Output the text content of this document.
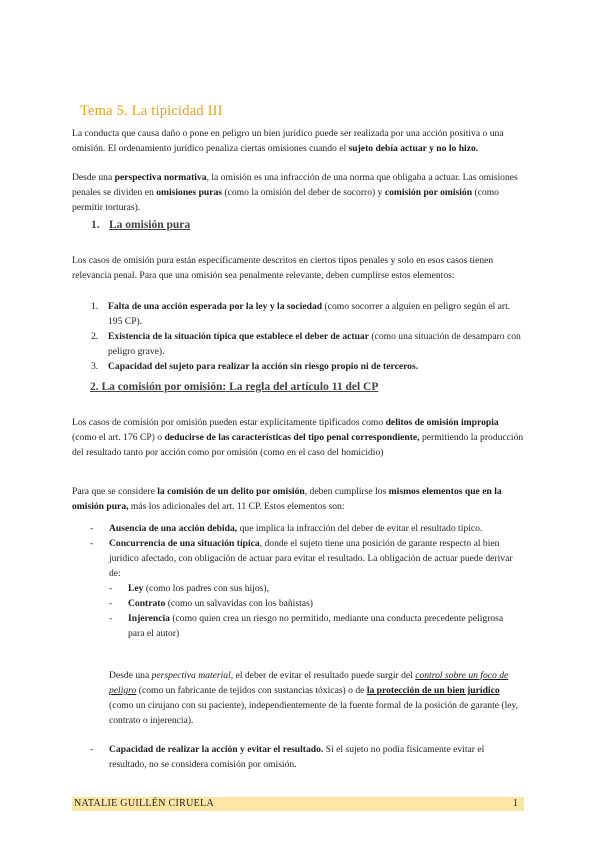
Tema 5. La tipicidad III

La conducta que causa daño o pone en peligro un bien jurídico puede ser realizada por una acción positiva o una omisión. El ordenamiento jurídico penaliza ciertas omisiones cuando el sujeto debía actuar y no lo hizo.

Desde una perspectiva normativa, la omisión es una infracción de una norma que obligaba a actuar. Las omisiones penales se dividen en omisiones puras (como la omisión del deber de socorro) y comisión por omisión (como permitir torturas).

1. La omisión pura

Los casos de omisión pura están específicamente descritos en ciertos tipos penales y solo en esos casos tienen relevancia penal. Para que una omisión sea penalmente relevante, deben cumplirse estos elementos:

1. Falta de una acción esperada por la ley y la sociedad (como socorrer a alguien en peligro según el art. 195 CP).
2. Existencia de la situación típica que establece el deber de actuar (como una situación de desamparo con peligro grave).
3. Capacidad del sujeto para realizar la acción sin riesgo propio ni de terceros.
2. La comisión por omisión: La regla del artículo 11 del CP

Los casos de comisión por omisión pueden estar explícitamente tipificados como delitos de omisión impropia (como el art. 176 CP) o deducirse de las características del tipo penal correspondiente, permitiendo la producción del resultado tanto por acción como por omisión (como en el caso del homicidio)

Para que se considere la comisión de un delito por omisión, deben cumplirse los mismos elementos que en la omisión pura, más los adicionales del art. 11 CP. Estos elementos son:

- Ausencia de una acción debida, que implica la infracción del deber de evitar el resultado típico.
- Concurrencia de una situación típica, donde el sujeto tiene una posición de garante respecto al bien jurídico afectado, con obligación de actuar para evitar el resultado. La obligación de actuar puede derivar de:
- Ley (como los padres con sus hijos),
- Contrato (como un salvavidas con los bañistas)
- Injerencia (como quien crea un riesgo no permitido, mediante una conducta precedente peligrosa para el autor)

Desde una perspectiva material, el deber de evitar el resultado puede surgir del control sobre un foco de peligro (como un fabricante de tejidos con sustancias tóxicas) o de la protección de un bien jurídico (como un cirujano con su paciente), independientemente de la fuente formal de la posición de garante (ley, contrato o injerencia).

- Capacidad de realizar la acción y evitar el resultado. Si el sujeto no podía físicamente evitar el resultado, no se considera comisión por omisión.
NATALIE GUILLÉN CIRUELA	1
